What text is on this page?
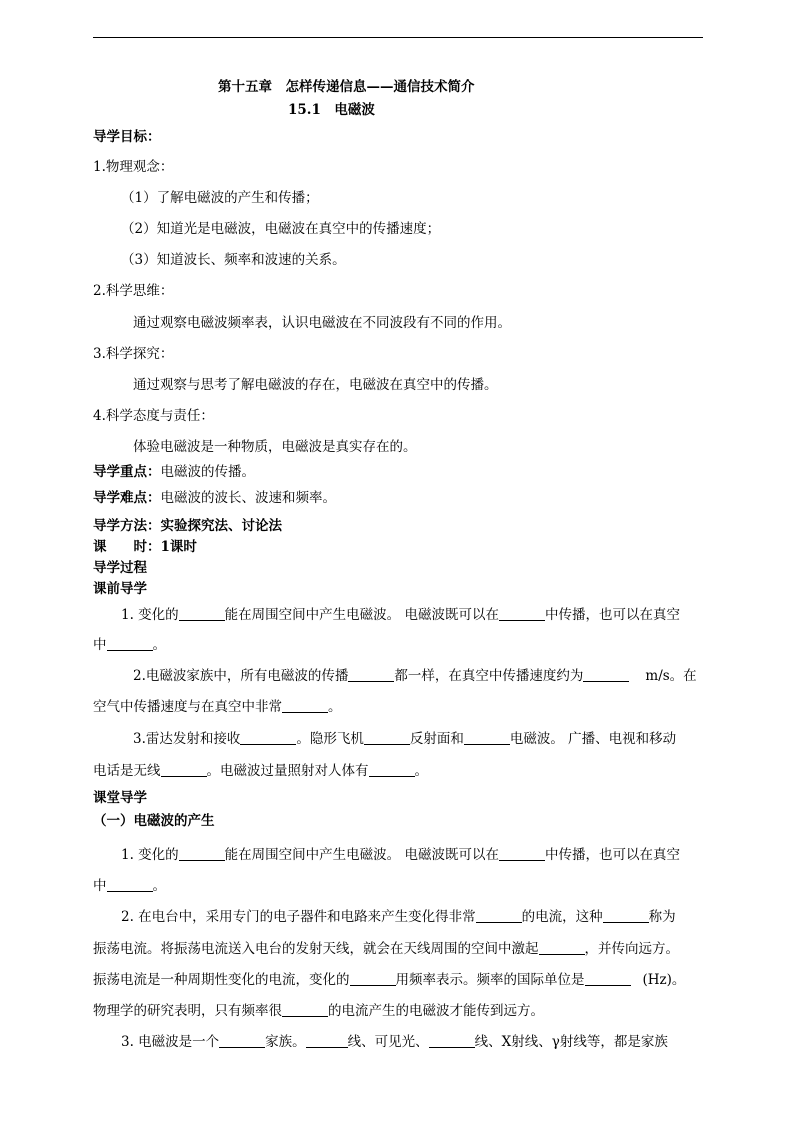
第十五章　怎样传递信息——通信技术简介
15.1　电磁波
导学目标：
1.物理观念：
（1）了解电磁波的产生和传播；
（2）知道光是电磁波，电磁波在真空中的传播速度；
（3）知道波长、频率和波速的关系。
2.科学思维：
通过观察电磁波频率表，认识电磁波在不同波段有不同的作用。
3.科学探究：
通过观察与思考了解电磁波的存在，电磁波在真空中的传播。
4.科学态度与责任：
体验电磁波是一种物质，电磁波是真实存在的。
导学重点：电磁波的传播。
导学难点：电磁波的波长、波速和频率。
导学方法：实验探究法、讨论法
课　　时：1课时
导学过程
课前导学
1. 变化的	能在周围空间中产生电磁波。 电磁波既可以在	中传播，也可以在真空
中	。
2.电磁波家族中，所有电磁波的传播	都一样，在真空中传播速度约为	m/s。在
空气中传播速度与在真空中非常	。
3.雷达发射和接收	。隐形飞机	反射面和	电磁波。 广播、电视和移动
电话是无线	。电磁波过量照射对人体有	。
课堂导学
（一）电磁波的产生
1. 变化的	能在周围空间中产生电磁波。 电磁波既可以在	中传播，也可以在真空
中	。
2. 在电台中，采用专门的电子器件和电路来产生变化得非常	的电流，这种	称为
振荡电流。将振荡电流送入电台的发射天线，就会在天线周围的空间中激起	，并传向远方。
振荡电流是一种周期性变化的电流，变化的	用频率表示。频率的国际单位是	(Hz)。
物理学的研究表明，只有频率很	的电流产生的电磁波才能传到远方。
3. 电磁波是一个	家族。	线、可见光、	线、X射线、γ射线等，都是家族
